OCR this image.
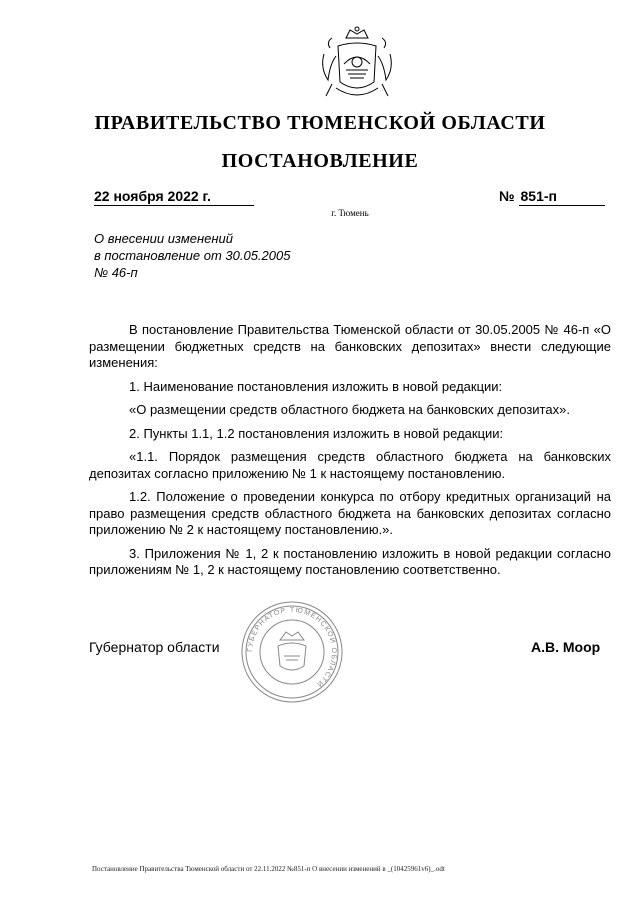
ПРАВИТЕЛЬСТВО ТЮМЕНСКОЙ ОБЛАСТИ
ПОСТАНОВЛЕНИЕ
22 ноября 2022 г.	№ 851-п
г. Тюмень
О внесении изменений
в постановление от 30.05.2005
№ 46-п

В постановление Правительства Тюменской области от 30.05.2005 № 46-п «О размещении бюджетных средств на банковских депозитах» внести следующие изменения:

1. Наименование постановления изложить в новой редакции:

«О размещении средств областного бюджета на банковских депозитах».

2. Пункты 1.1, 1.2 постановления изложить в новой редакции:

«1.1. Порядок размещения средств областного бюджета на банковских депозитах согласно приложению № 1 к настоящему постановлению.

1.2. Положение о проведении конкурса по отбору кредитных организаций на право размещения средств областного бюджета на банковских депозитах согласно приложению № 2 к настоящему постановлению.».

3. Приложения № 1, 2 к постановлению изложить в новой редакции согласно приложениям № 1, 2 к настоящему постановлению соответственно.

ГУБЕРНАТОР ТЮМЕНСКОЙ ОБЛАСТИ
Губернатор области	А.В. Моор
Постановление Правительства Тюменской области от 22.11.2022 №851-п О внесении изменений в _(10425961v6)_.odt
